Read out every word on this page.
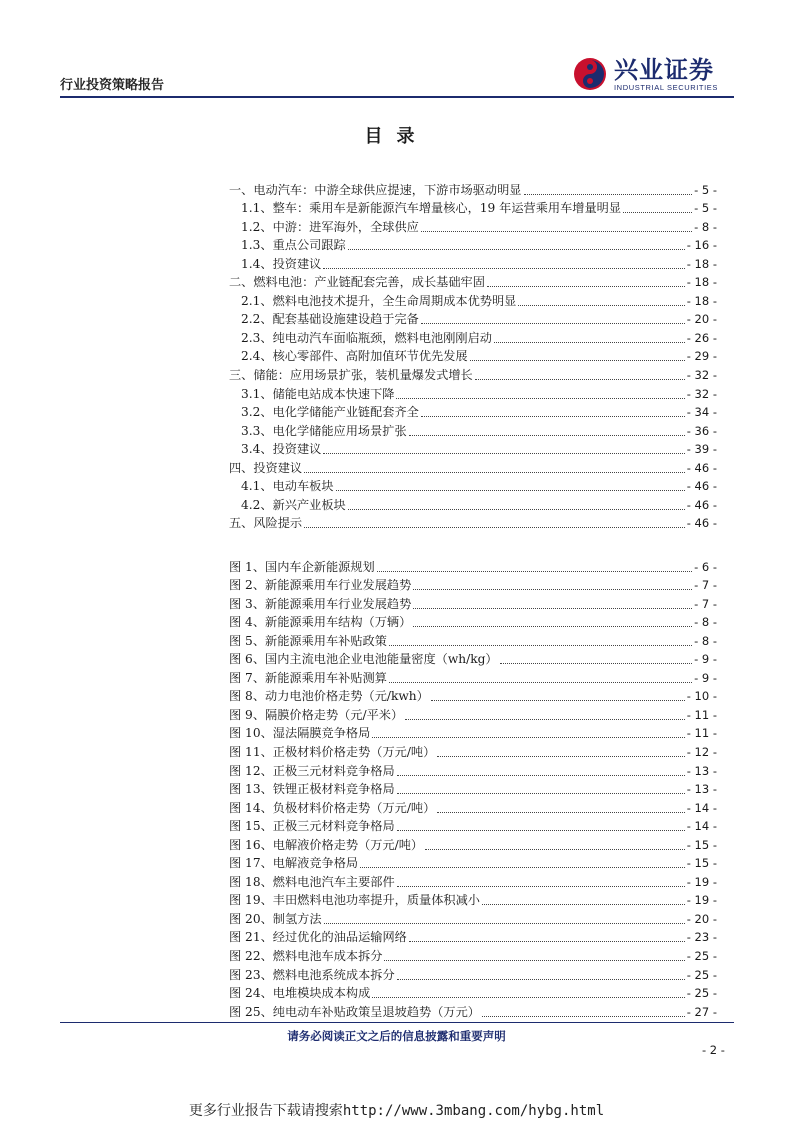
行业投资策略报告
兴业证券
INDUSTRIAL SECURITIES
目录
一、电动汽车：中游全球供应提速，下游市场驱动明显	- 5 -
1.1、整车：乘用车是新能源汽车增量核心，19 年运营乘用车增量明显	- 5 -
1.2、中游：进军海外，全球供应	- 8 -
1.3、重点公司跟踪	- 16 -
1.4、投资建议	- 18 -
二、燃料电池：产业链配套完善，成长基础牢固	- 18 -
2.1、燃料电池技术提升，全生命周期成本优势明显	- 18 -
2.2、配套基础设施建设趋于完备	- 20 -
2.3、纯电动汽车面临瓶颈，燃料电池刚刚启动	- 26 -
2.4、核心零部件、高附加值环节优先发展	- 29 -
三、储能：应用场景扩张，装机量爆发式增长	- 32 -
3.1、储能电站成本快速下降	- 32 -
3.2、电化学储能产业链配套齐全	- 34 -
3.3、电化学储能应用场景扩张	- 36 -
3.4、投资建议	- 39 -
四、投资建议	- 46 -
4.1、电动车板块	- 46 -
4.2、新兴产业板块	- 46 -
五、风险提示	- 46 -
图 1、国内车企新能源规划	- 6 -
图 2、新能源乘用车行业发展趋势	- 7 -
图 3、新能源乘用车行业发展趋势	- 7 -
图 4、新能源乘用车结构（万辆）	- 8 -
图 5、新能源乘用车补贴政策	- 8 -
图 6、国内主流电池企业电池能量密度（wh/kg）	- 9 -
图 7、新能源乘用车补贴测算	- 9 -
图 8、动力电池价格走势（元/kwh）	- 10 -
图 9、隔膜价格走势（元/平米）	- 11 -
图 10、湿法隔膜竞争格局	- 11 -
图 11、正极材料价格走势（万元/吨）	- 12 -
图 12、正极三元材料竞争格局	- 13 -
图 13、铁锂正极材料竞争格局	- 13 -
图 14、负极材料价格走势（万元/吨）	- 14 -
图 15、正极三元材料竞争格局	- 14 -
图 16、电解液价格走势（万元/吨）	- 15 -
图 17、电解液竞争格局	- 15 -
图 18、燃料电池汽车主要部件	- 19 -
图 19、丰田燃料电池功率提升，质量体积减小	- 19 -
图 20、制氢方法	- 20 -
图 21、经过优化的油品运输网络	- 23 -
图 22、燃料电池车成本拆分	- 25 -
图 23、燃料电池系统成本拆分	- 25 -
图 24、电堆模块成本构成	- 25 -
图 25、纯电动车补贴政策呈退坡趋势（万元）	- 27 -
请务必阅读正文之后的信息披露和重要声明
- 2 -
更多行业报告下载请搜索http://www.3mbang.com/hybg.html
